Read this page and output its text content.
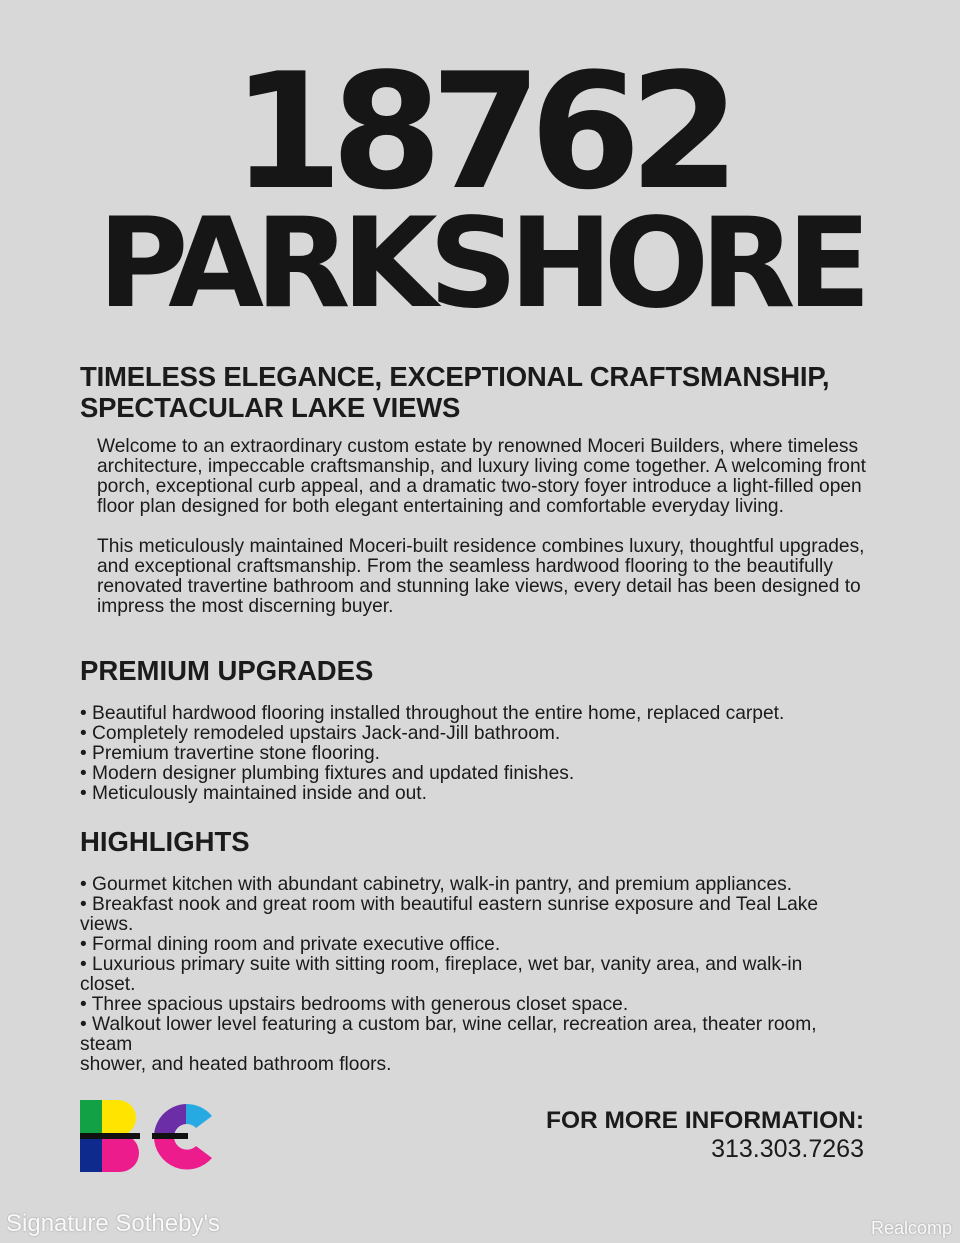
18762
PARKSHORE
TIMELESS ELEGANCE, EXCEPTIONAL CRAFTSMANSHIP,
SPECTACULAR LAKE VIEWS

Welcome to an extraordinary custom estate by renowned Moceri Builders, where timeless architecture, impeccable craftsmanship, and luxury living come together. A welcoming front porch, exceptional curb appeal, and a dramatic two-story foyer introduce a light-filled open floor plan designed for both elegant entertaining and comfortable everyday living.

This meticulously maintained Moceri-built residence combines luxury, thoughtful upgrades, and exceptional craftsmanship. From the seamless hardwood flooring to the beautifully renovated travertine bathroom and stunning lake views, every detail has been designed to impress the most discerning buyer.

PREMIUM UPGRADES
• Beautiful hardwood flooring installed throughout the entire home, replaced carpet.
• Completely remodeled upstairs Jack-and-Jill bathroom.
• Premium travertine stone flooring.
• Modern designer plumbing fixtures and updated finishes.
• Meticulously maintained inside and out.
HIGHLIGHTS
• Gourmet kitchen with abundant cabinetry, walk-in pantry, and premium appliances.
• Breakfast nook and great room with beautiful eastern sunrise exposure and Teal Lake views.
• Formal dining room and private executive office.
• Luxurious primary suite with sitting room, fireplace, wet bar, vanity area, and walk-in closet.
• Three spacious upstairs bedrooms with generous closet space.
• Walkout lower level featuring a custom bar, wine cellar, recreation area, theater room, steam
shower, and heated bathroom floors.
FOR MORE INFORMATION:
313.303.7263
Signature Sotheby's	Realcomp
